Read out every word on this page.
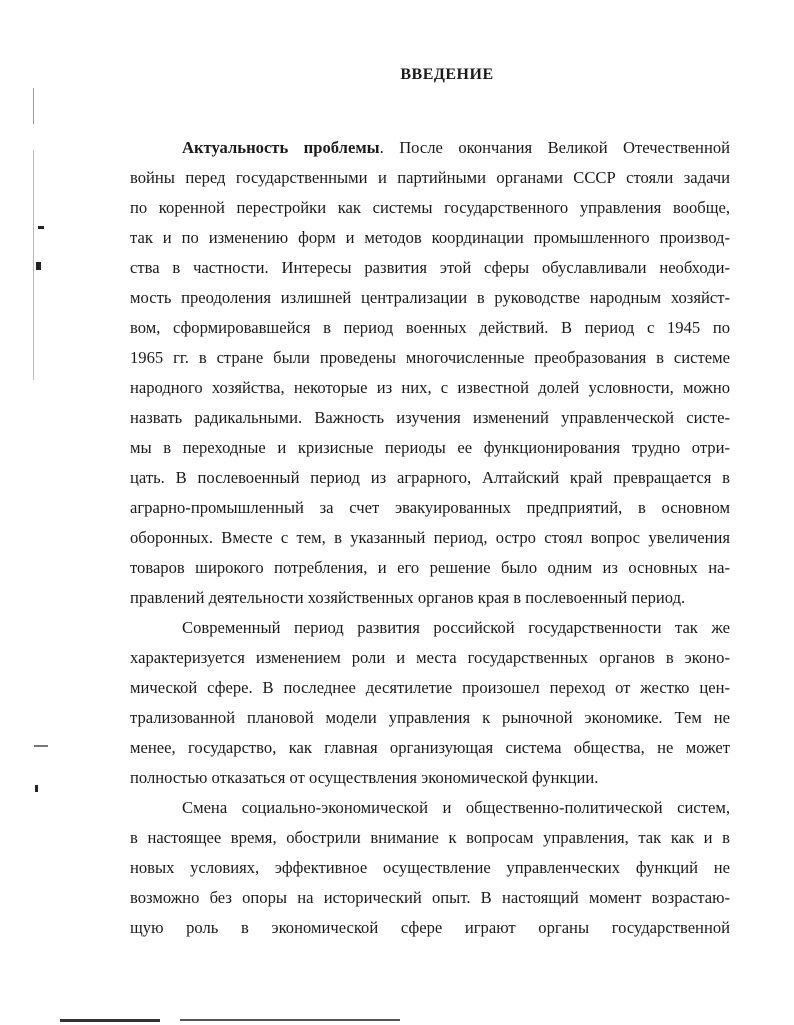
ВВЕДЕНИЕ
Актуальность проблемы. После окончания Великой Отечественной
войны перед государственными и партийными органами СССР стояли задачи
по коренной перестройки как системы государственного управления вообще,
так и по изменению форм и методов координации промышленного производ-
ства в частности. Интересы развития этой сферы обуславливали необходи-
мость преодоления излишней централизации в руководстве народным хозяйст-
вом, сформировавшейся в период военных действий. В период с 1945 по
1965 гг. в стране были проведены многочисленные преобразования в системе
народного хозяйства, некоторые из них, с известной долей условности, можно
назвать радикальными. Важность изучения изменений управленческой систе-
мы в переходные и кризисные периоды ее функционирования трудно отри-
цать. В послевоенный период из аграрного, Алтайский край превращается в
аграрно-промышленный за счет эвакуированных предприятий, в основном
оборонных. Вместе с тем, в указанный период, остро стоял вопрос увеличения
товаров широкого потребления, и его решение было одним из основных на-
правлений деятельности хозяйственных органов края в послевоенный период.
Современный период развития российской государственности так же
характеризуется изменением роли и места государственных органов в эконо-
мической сфере. В последнее десятилетие произошел переход от жестко цен-
трализованной плановой модели управления к рыночной экономике. Тем не
менее, государство, как главная организующая система общества, не может
полностью отказаться от осуществления экономической функции.
Смена социально-экономической и общественно-политической систем,
в настоящее время, обострили внимание к вопросам управления, так как и в
новых условиях, эффективное осуществление управленческих функций не
возможно без опоры на исторический опыт. В настоящий момент возрастаю-
щую роль в экономической сфере играют органы государственной
